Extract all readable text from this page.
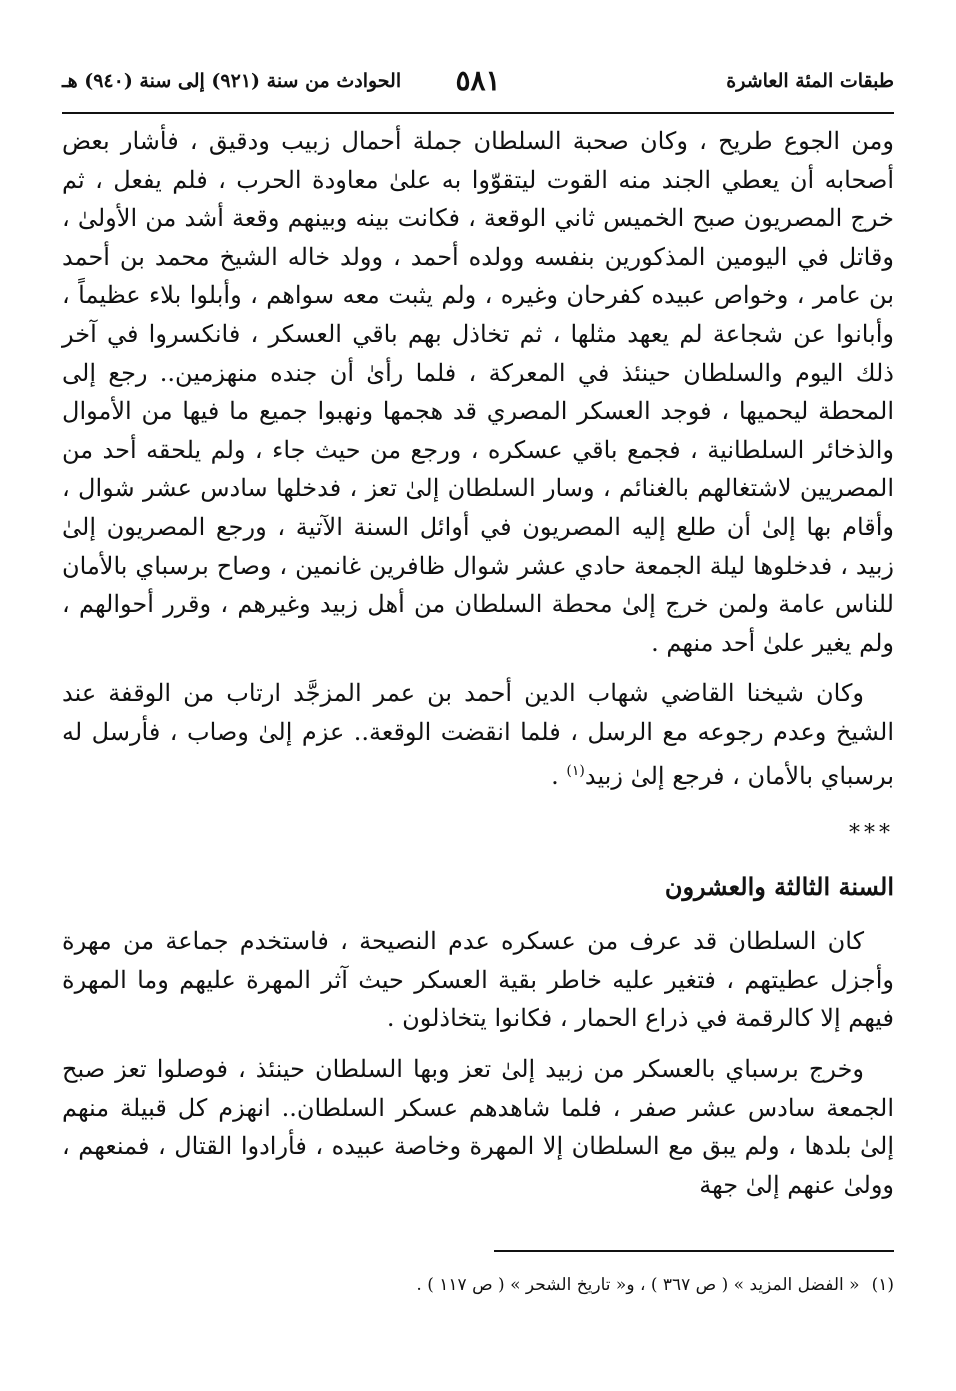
طبقات المئة العاشرة
٥٨١
الحوادث من سنة (٩٢١) إلى سنة (٩٤٠) هـ

ومن الجوع طريح ، وكان صحبة السلطان جملة أحمال زبيب ودقيق ، فأشار بعض أصحابه أن يعطي الجند منه القوت ليتقوّوا به علىٰ معاودة الحرب ، فلم يفعل ، ثم خرج المصريون صبح الخميس ثاني الوقعة ، فكانت بينه وبينهم وقعة أشد من الأولىٰ ، وقاتل في اليومين المذكورين بنفسه وولده أحمد ، وولد خاله الشيخ محمد بن أحمد بن عامر ، وخواص عبيده كفرحان وغيره ، ولم يثبت معه سواهم ، وأبلوا بلاء عظيماً ، وأبانوا عن شجاعة لم يعهد مثلها ، ثم تخاذل بهم باقي العسكر ، فانكسروا في آخر ذلك اليوم والسلطان حينئذ في المعركة ، فلما رأىٰ أن جنده منهزمين.. رجع إلى المحطة ليحميها ، فوجد العسكر المصري قد هجمها ونهبوا جميع ما فيها من الأموال والذخائر السلطانية ، فجمع باقي عسكره ، ورجع من حيث جاء ، ولم يلحقه أحد من المصريين لاشتغالهم بالغنائم ، وسار السلطان إلىٰ تعز ، فدخلها سادس عشر شوال ، وأقام بها إلىٰ أن طلع إليه المصريون في أوائل السنة الآتية ، ورجع المصريون إلىٰ زبيد ، فدخلوها ليلة الجمعة حادي عشر شوال ظافرين غانمين ، وصاح برسباي بالأمان للناس عامة ولمن خرج إلىٰ محطة السلطان من أهل زبيد وغيرهم ، وقرر أحوالهم ، ولم يغير علىٰ أحد منهم .

وكان شيخنا القاضي شهاب الدين أحمد بن عمر المزجَّد ارتاب من الوقفة عند الشيخ وعدم رجوعه مع الرسل ، فلما انقضت الوقعة.. عزم إلىٰ وصاب ، فأرسل له برسباي بالأمان ، فرجع إلىٰ زبيد$^{(١)}$ .

***
السنة الثالثة والعشرون

كان السلطان قد عرف من عسكره عدم النصيحة ، فاستخدم جماعة من مهرة وأجزل عطيتهم ، فتغير عليه خاطر بقية العسكر حيث آثر المهرة عليهم وما المهرة فيهم إلا كالرقمة في ذراع الحمار ، فكانوا يتخاذلون .

وخرج برسباي بالعسكر من زبيد إلىٰ تعز وبها السلطان حينئذ ، فوصلوا تعز صبح الجمعة سادس عشر صفر ، فلما شاهدهم عسكر السلطان.. انهزم كل قبيلة منهم إلىٰ بلدها ، ولم يبق مع السلطان إلا المهرة وخاصة عبيده ، فأرادوا القتال ، فمنعهم ، وولىٰ عنهم إلىٰ جهة

(١)« الفضل المزيد » ( ص ٣٦٧ ) ، و« تاريخ الشحر » ( ص ١١٧ ) .
